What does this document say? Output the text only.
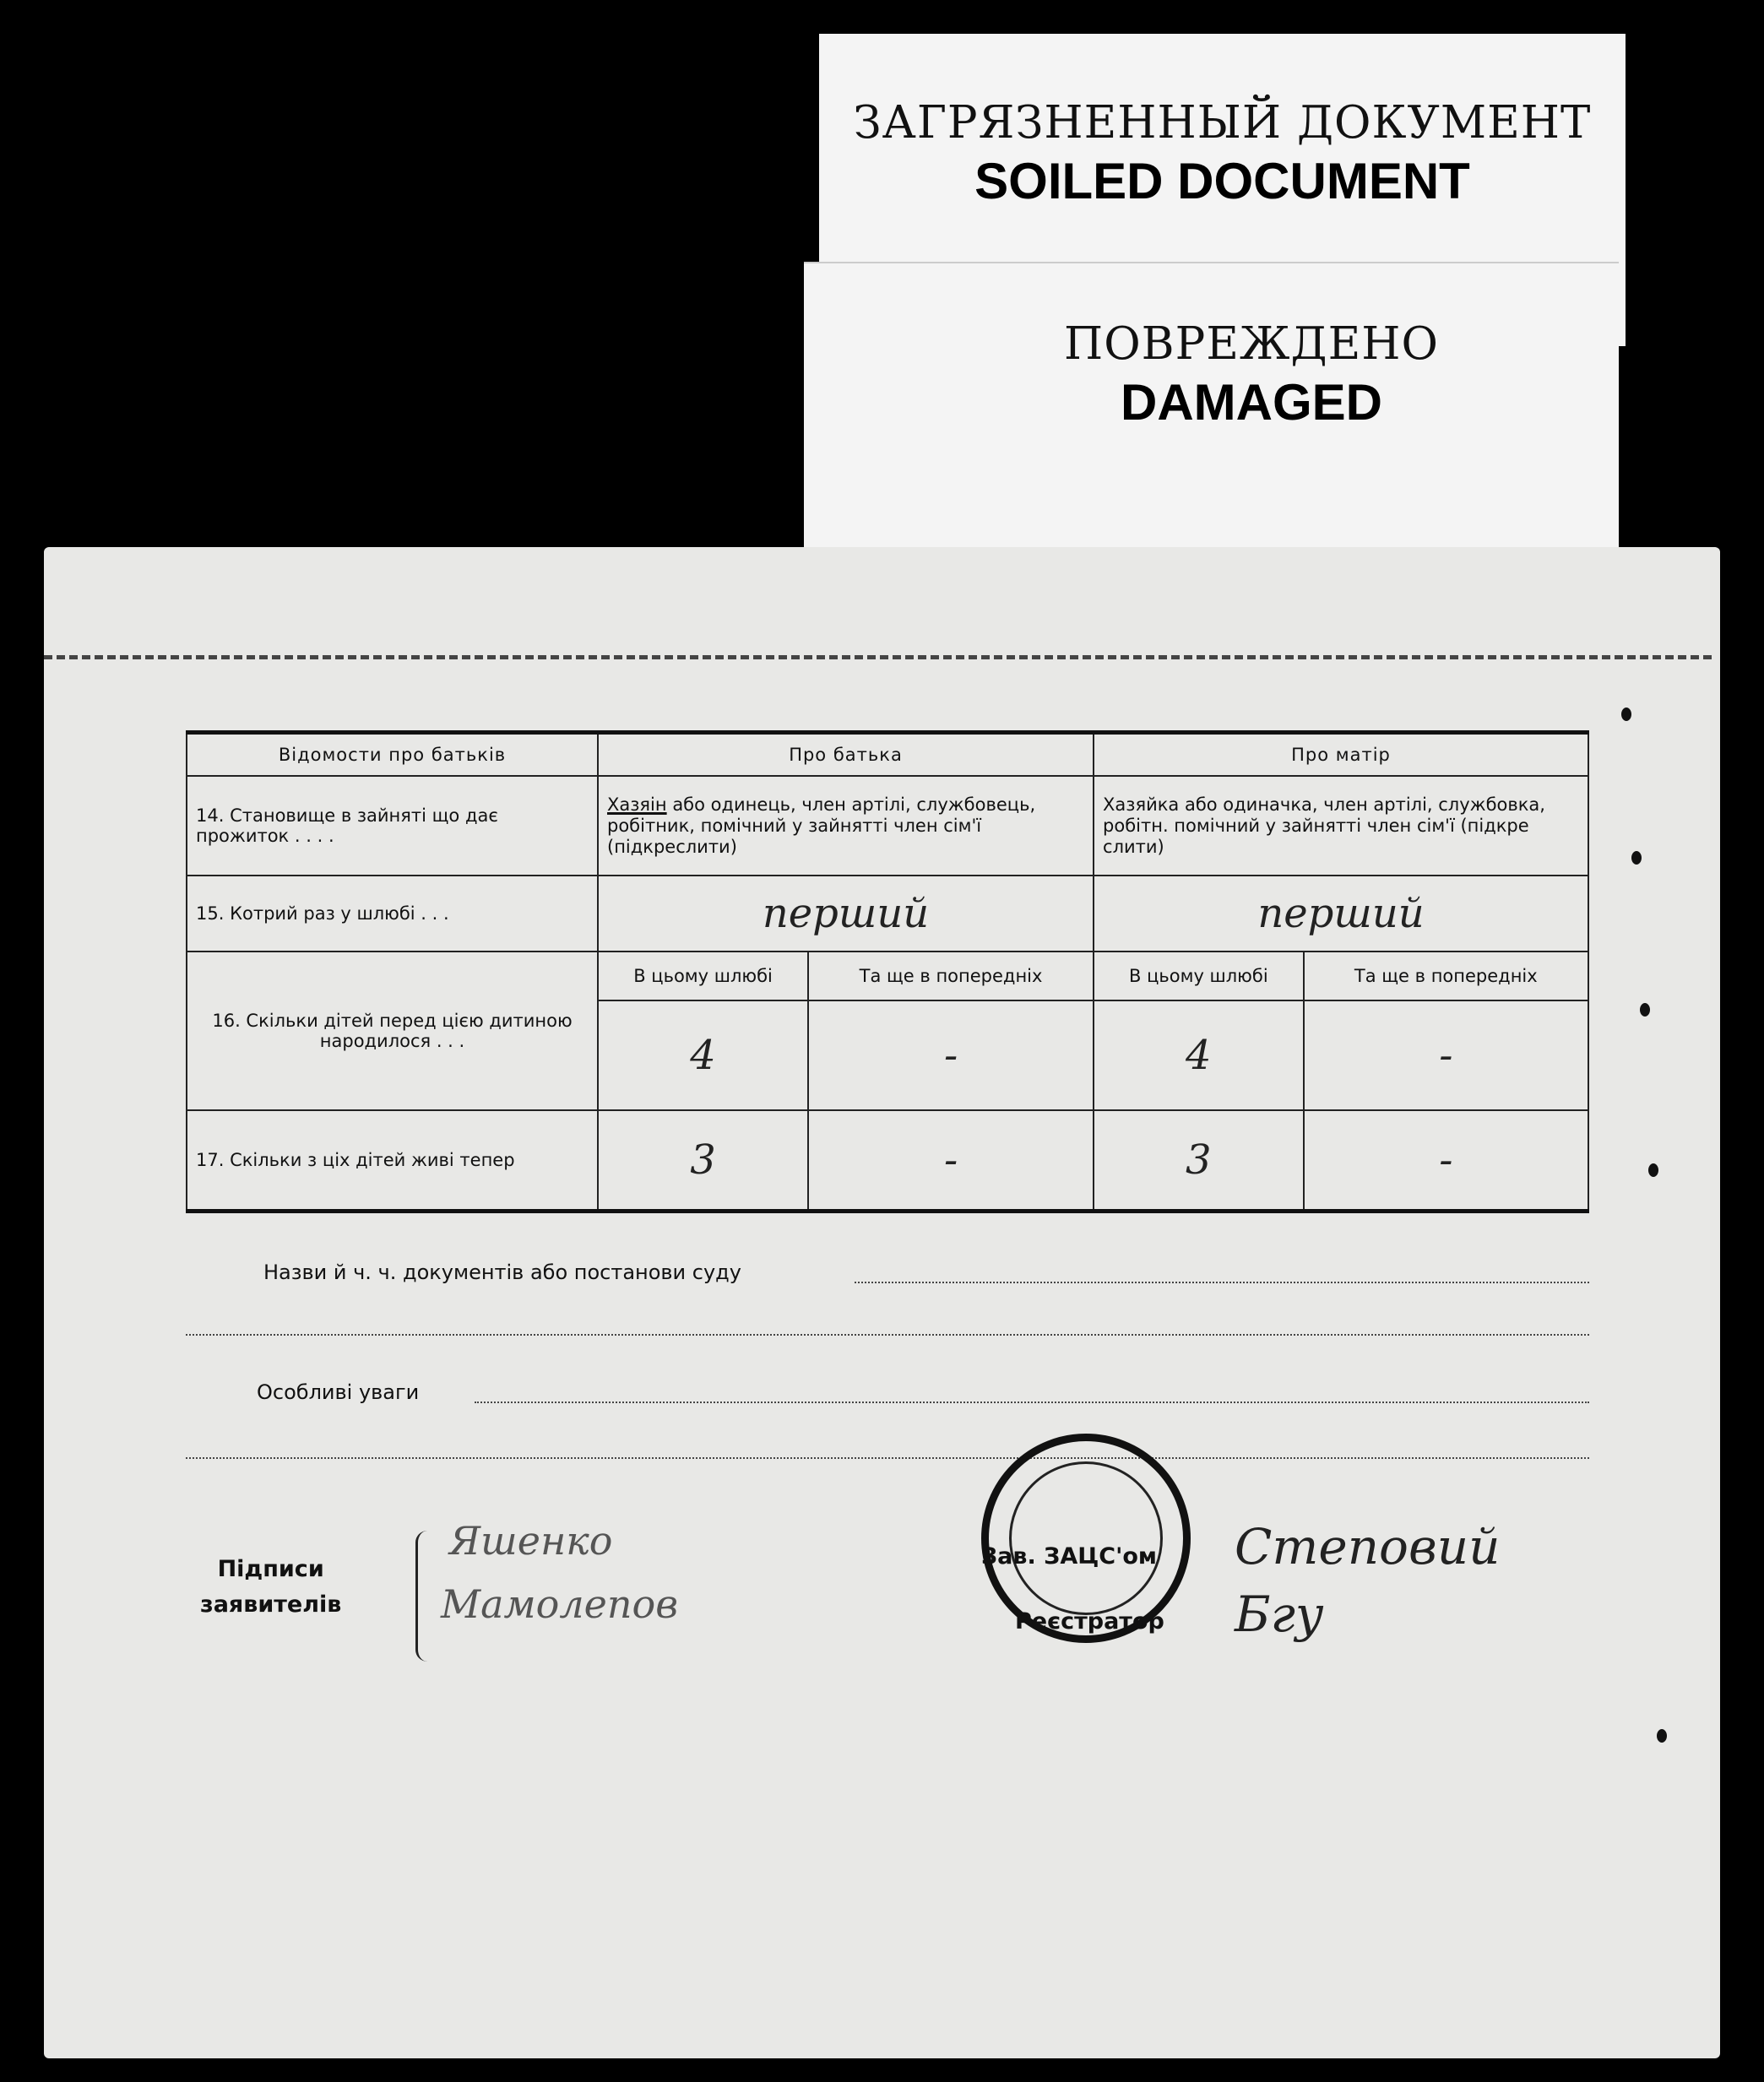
ЗАГРЯЗНЕННЫЙ ДОКУМЕНТ
SOILED DOCUMENT
ПОВРЕЖДЕНО
DAMAGED
Відомости про батьків	Про батька		Про матір	
14. Становище в зайняті що дає прожиток . . . .	Хазяін або одинець, член артілі, службовець, робітник, помічний у зайнятті член сім'ї (підкреслити)		Хазяйка або одиначка, член артілі, службовка, робітн. помічний у зайнятті член сім'ї (підкре слити)	
15. Котрий раз у шлюбі . . .	перший		перший	
16. Скільки дітей перед цією дитиною народилося . . .	В цьому шлюбі	Та ще в попередніх	В цьому шлюбі	Та ще в попередніх
	4	-	4	-
17. Скільки з ціх дітей живі тепер	3	-	3	-
Назви й ч. ч. документів або постанови суду
Особливі уваги
Підписи
заявителів
Яшенко
Мамолепов
Зав. ЗАЦС'ом
Реєстратор
Степовий
Бгу
